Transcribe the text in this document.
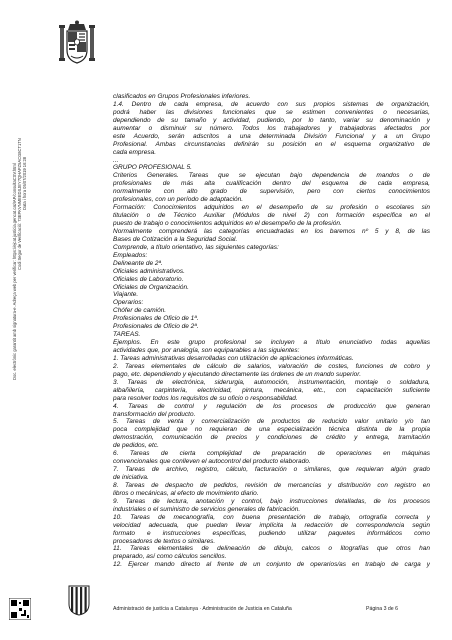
Doc. electrònic garantit amb signatura-e. Adreça web per verificar: https://ejcat.justicia.gencat.cat/IAP/consultaCSV.html Codi Segur de Verificació: 73EPKVNMEEDSJEY7QHAPZ5ACG8CT1TN Data i hora 05/07/2019 16:28
clasificados en Grupos Profesionales inferiores.
1.4. Dentro de cada empresa, de acuerdo con sus propios sistemas de organización,
podrá haber las divisiones funcionales que se estimen convenientes o necesarias,
dependiendo de su tamaño y actividad, pudiendo, por lo tanto, variar su denominación y
aumentar o disminuir su número. Todos los trabajadores y trabajadoras afectados por
este Acuerdo, serán adscritos a una determinada División Funcional y a un Grupo
Profesional. Ambas circunstancias definirán su posición en el esquema organizativo de
cada empresa.
...
GRUPO PROFESIONAL 5.
Criterios Generales. Tareas que se ejecutan bajo dependencia de mandos o de
profesionales de más alta cualificación dentro del esquema de cada empresa,
normalmente con alto grado de supervisión, pero con ciertos conocimientos
profesionales, con un período de adaptación.
Formación: Conocimientos adquiridos en el desempeño de su profesión o escolares sin
titulación o de Técnico Auxiliar (Módulos de nivel 2) con formación específica en el
puesto de trabajo o conocimientos adquiridos en el desempeño de la profesión.
Normalmente comprenderá las categorías encuadradas en los baremos nº 5 y 8, de las
Bases de Cotización a la Seguridad Social.
Comprende, a título orientativo, las siguientes categorías:
Empleados:
Delineante de 2ª.
Oficiales administrativos.
Oficiales de Laboratorio.
Oficiales de Organización.
Viajante.
Operarios:
Chófer de camión.
Profesionales de Oficio de 1ª.
Profesionales de Oficio de 2ª.
TAREAS.
Ejemplos. En este grupo profesional se incluyen a título enunciativo todas aquellas
actividades que, por analogía, son equiparables a las siguientes:
1. Tareas administrativas desarrolladas con utilización de aplicaciones informáticas.
2. Tareas elementales de cálculo de salarios, valoración de costes, funciones de cobro y
pago, etc. dependiendo y ejecutando directamente las órdenes de un mando superior.
3. Tareas de electrónica, siderurgia, automoción, instrumentación, montaje o soldadura,
albañilería, carpintería, electricidad, pintura, mecánica, etc., con capacitación suficiente
para resolver todos los requisitos de su oficio o responsabilidad.
4. Tareas de control y regulación de los procesos de producción que generan
transformación del producto.
5. Tareas de venta y comercialización de productos de reducido valor unitario y/o tan
poca complejidad que no requieran de una especialización técnica distinta de la propia
demostración, comunicación de precios y condiciones de crédito y entrega, tramitación
de pedidos, etc.
6. Tareas de cierta complejidad de preparación de operaciones en máquinas
convencionales que conlleven el autocontrol del producto elaborado.
7. Tareas de archivo, registro, cálculo, facturación o similares, que requieran algún grado
de iniciativa.
8. Tareas de despacho de pedidos, revisión de mercancías y distribución con registro en
libros o mecánicas, al efecto de movimiento diario.
9. Tareas de lectura, anotación y control, bajo instrucciones detalladas, de los procesos
industriales o el suministro de servicios generales de fabricación.
10. Tareas de mecanografía, con buena presentación de trabajo, ortografía correcta y
velocidad adecuada, que puedan llevar implícita la redacción de correspondencia según
formato e instrucciones específicas, pudiendo utilizar paquetes informáticos como
procesadores de textos o similares.
11. Tareas elementales de delineación de dibujo, calcos o litografías que otros han
preparado, así como cálculos sencillos.
12. Ejercer mando directo al frente de un conjunto de operarios/as en trabajo de carga y
Administració de justícia a Catalunya · Administración de Justicia en Cataluña	Página 3 de 6
